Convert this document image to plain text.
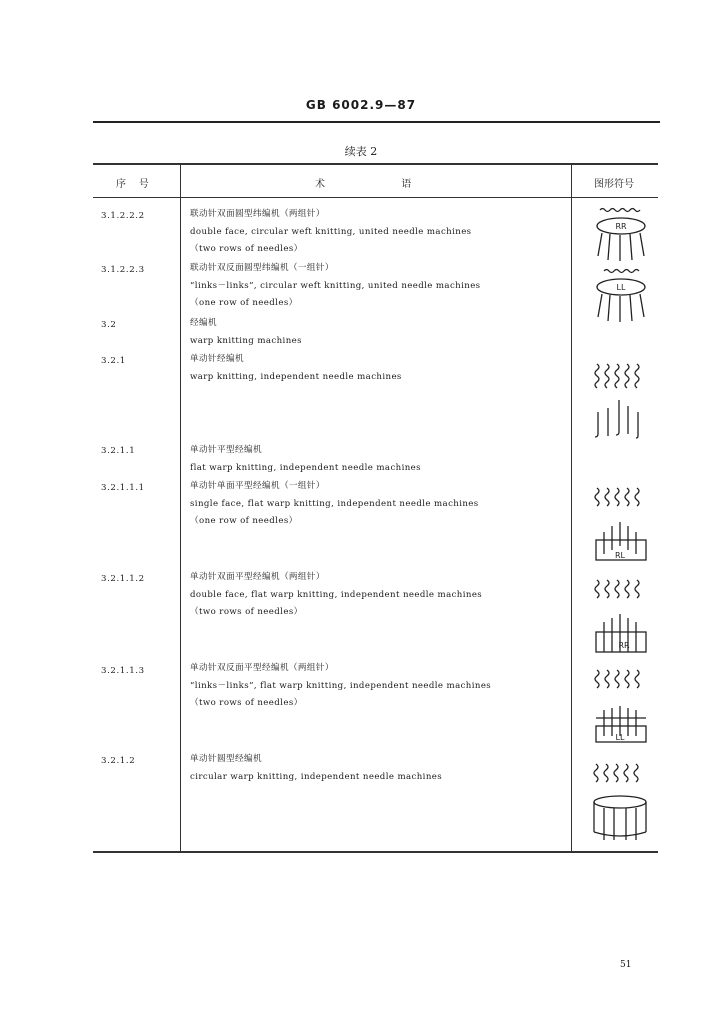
GB 6002.9—87
续表 2
序    号	术                        语	图形符号
3.1.2.2.2	联动针双面圆型纬编机（两组针）
double face, circular weft knitting, united needle machines
（two rows of needles）
3.1.2.2.3	联动针双反面圆型纬编机（一组针）
“links－links”, circular weft knitting, united needle machines
（one row of needles）
3.2	经编机
warp knitting machines
3.2.1	单动针经编机
warp knitting, independent needle machines
3.2.1.1	单动针平型经编机
flat warp knitting, independent needle machines
3.2.1.1.1	单动针单面平型经编机（一组针）
single face, flat warp knitting, independent needle machines
（one row of needles）
3.2.1.1.2	单动针双面平型经编机（两组针）
double face, flat warp knitting, independent needle machines
（two rows of needles）
3.2.1.1.3	单动针双反面平型经编机（两组针）
“links－links”, flat warp knitting, independent needle machines
（two rows of needles）
3.2.1.2	单动针圆型经编机
circular warp knitting, independent needle machines
RR
LL
RL
RR
LL
51
